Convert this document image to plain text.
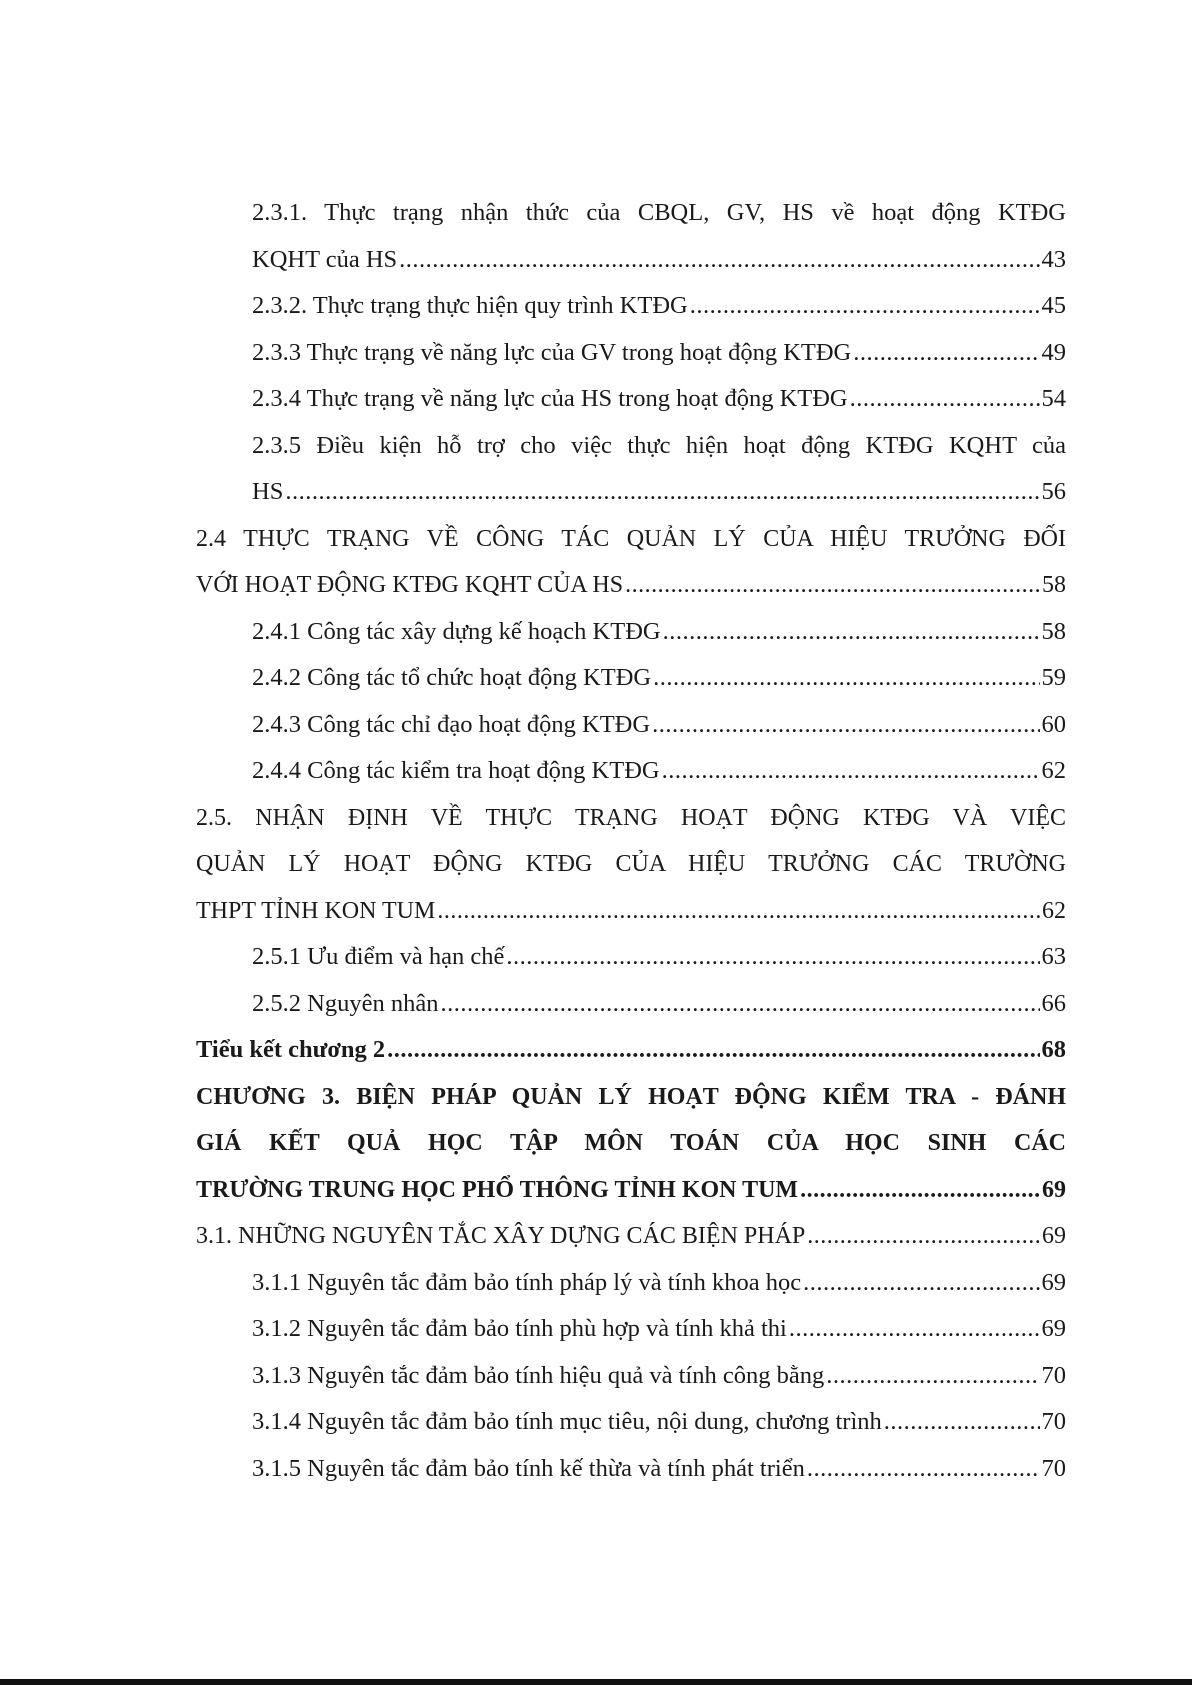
2.3.1. Thực trạng nhận thức của CBQL, GV, HS về hoạt động KTĐG
KQHT của HS .....	43
2.3.2. Thực trạng thực hiện quy trình KTĐG .....	45
2.3.3 Thực trạng về năng lực của GV trong hoạt động KTĐG .....	49
2.3.4 Thực trạng về năng lực của HS trong hoạt động KTĐG .....	54
2.3.5 Điều kiện hỗ trợ cho việc thực hiện hoạt động KTĐG KQHT của
HS .....	56
2.4 THỰC TRẠNG VỀ CÔNG TÁC QUẢN LÝ CỦA HIỆU TRƯỞNG ĐỐI
VỚI HOẠT ĐỘNG KTĐG KQHT CỦA HS .....	58
2.4.1 Công tác xây dựng kế hoạch KTĐG .....	58
2.4.2 Công tác tổ chức hoạt động KTĐG .....	59
2.4.3 Công tác chỉ đạo hoạt động KTĐG .....	60
2.4.4 Công tác kiểm tra hoạt động KTĐG .....	62
2.5. NHẬN ĐỊNH VỀ THỰC TRẠNG HOẠT ĐỘNG KTĐG VÀ VIỆC
QUẢN LÝ HOẠT ĐỘNG KTĐG CỦA HIỆU TRƯỞNG CÁC TRƯỜNG
THPT TỈNH KON TUM .....	62
2.5.1 Ưu điểm và hạn chế .....	63
2.5.2 Nguyên nhân .....	66
Tiểu kết chương 2 .....	68
CHƯƠNG 3. BIỆN PHÁP QUẢN LÝ HOẠT ĐỘNG KIỂM TRA - ĐÁNH
GIÁ KẾT QUẢ HỌC TẬP MÔN TOÁN CỦA HỌC SINH CÁC
TRƯỜNG TRUNG HỌC PHỔ THÔNG TỈNH KON TUM .....	69
3.1. NHỮNG NGUYÊN TẮC XÂY DỰNG CÁC BIỆN PHÁP .....	69
3.1.1 Nguyên tắc đảm bảo tính pháp lý và tính khoa học .....	69
3.1.2 Nguyên tắc đảm bảo tính phù hợp và tính khả thi .....	69
3.1.3 Nguyên tắc đảm bảo tính hiệu quả và tính công bằng .....	70
3.1.4 Nguyên tắc đảm bảo tính mục tiêu, nội dung, chương trình .....	70
3.1.5 Nguyên tắc đảm bảo tính kế thừa và tính phát triển .....	70
